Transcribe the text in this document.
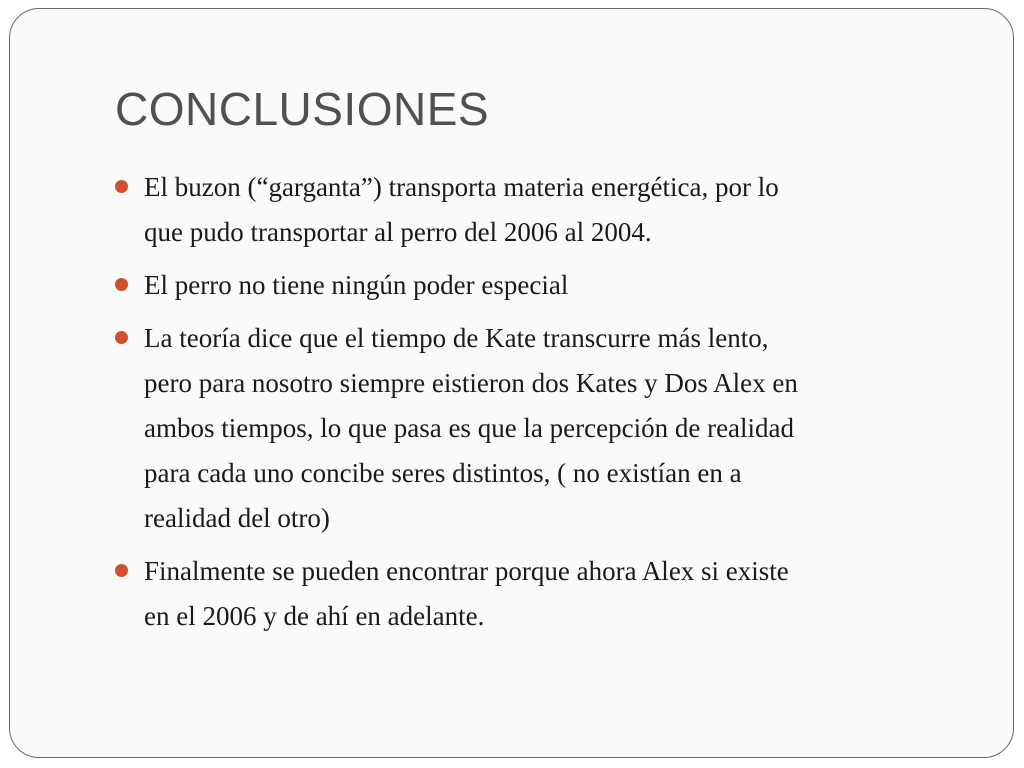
CONCLUSIONES
El buzon (“garganta”) transporta materia energética, por lo
que pudo transportar al perro del 2006 al 2004.
El perro no tiene ningún poder especial
La teoría dice que el tiempo de Kate transcurre más lento,
pero para nosotro siempre eistieron dos Kates y Dos Alex en
ambos tiempos, lo que pasa es que la percepción de realidad
para cada uno concibe seres distintos, ( no existían en a
realidad del otro)
Finalmente se pueden encontrar porque ahora Alex si existe
en el 2006 y de ahí en adelante.
